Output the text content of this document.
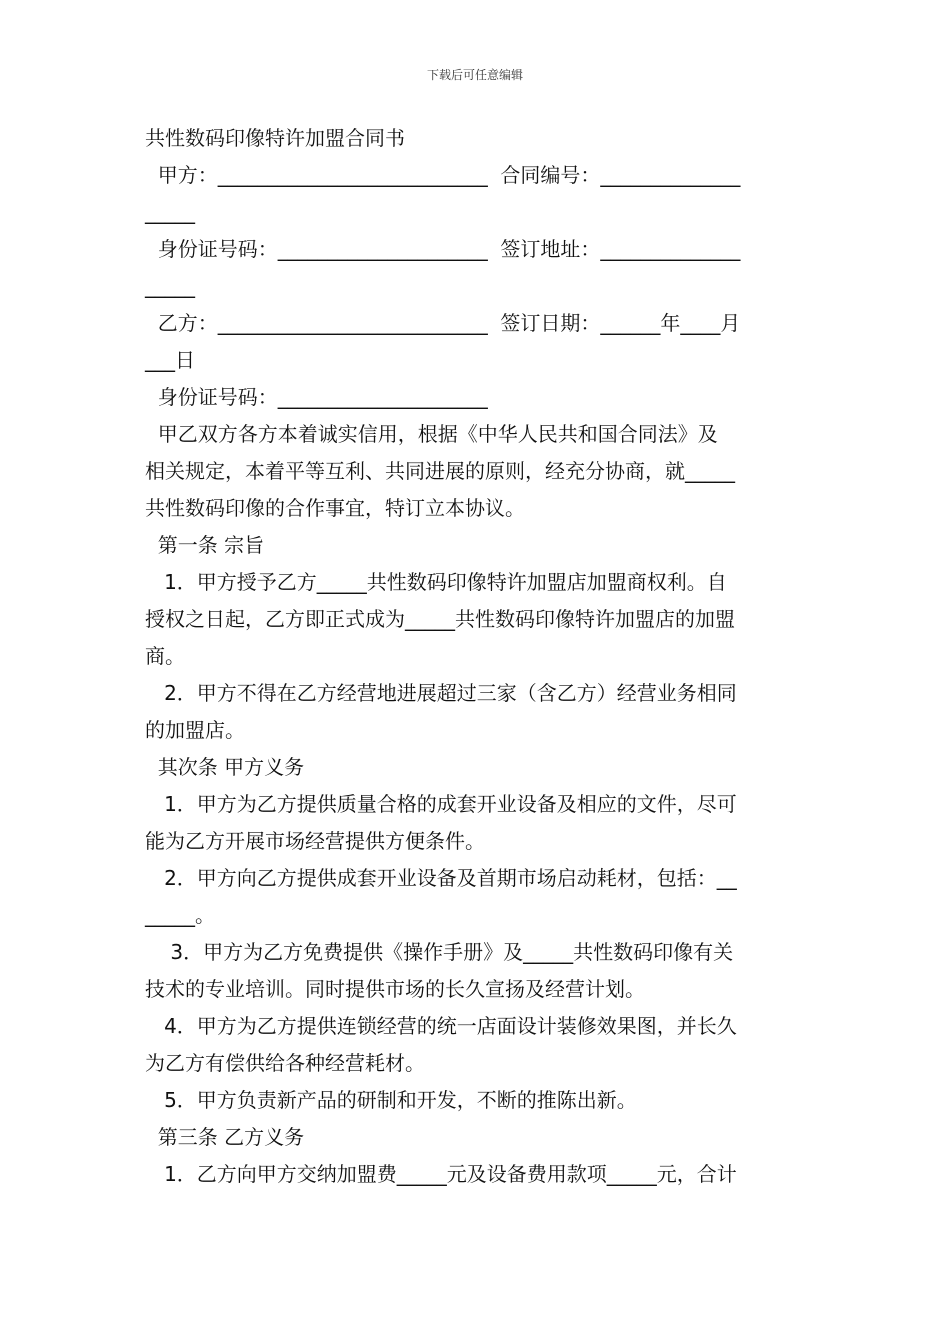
下载后可任意编辑
共性数码印像特许加盟合同书
甲方：___________________________  合同编号：______________
_____
身份证号码：_____________________  签订地址：______________
_____
乙方：___________________________  签订日期：______年____月
___日
身份证号码：_____________________
甲乙双方各方本着诚实信用，根据《中华人民共和国合同法》及
相关规定，本着平等互利、共同进展的原则，经充分协商，就_____
共性数码印像的合作事宜，特订立本协议。
第一条 宗旨
1．甲方授予乙方_____共性数码印像特许加盟店加盟商权利。自
授权之日起，乙方即正式成为_____共性数码印像特许加盟店的加盟
商。
2．甲方不得在乙方经营地进展超过三家（含乙方）经营业务相同
的加盟店。
其次条 甲方义务
1．甲方为乙方提供质量合格的成套开业设备及相应的文件，尽可
能为乙方开展市场经营提供方便条件。
2．甲方向乙方提供成套开业设备及首期市场启动耗材，包括：__
_____。
3．甲方为乙方免费提供《操作手册》及_____共性数码印像有关
技术的专业培训。同时提供市场的长久宣扬及经营计划。
4．甲方为乙方提供连锁经营的统一店面设计装修效果图，并长久
为乙方有偿供给各种经营耗材。
5．甲方负责新产品的研制和开发，不断的推陈出新。
第三条 乙方义务
1．乙方向甲方交纳加盟费_____元及设备费用款项_____元，合计
